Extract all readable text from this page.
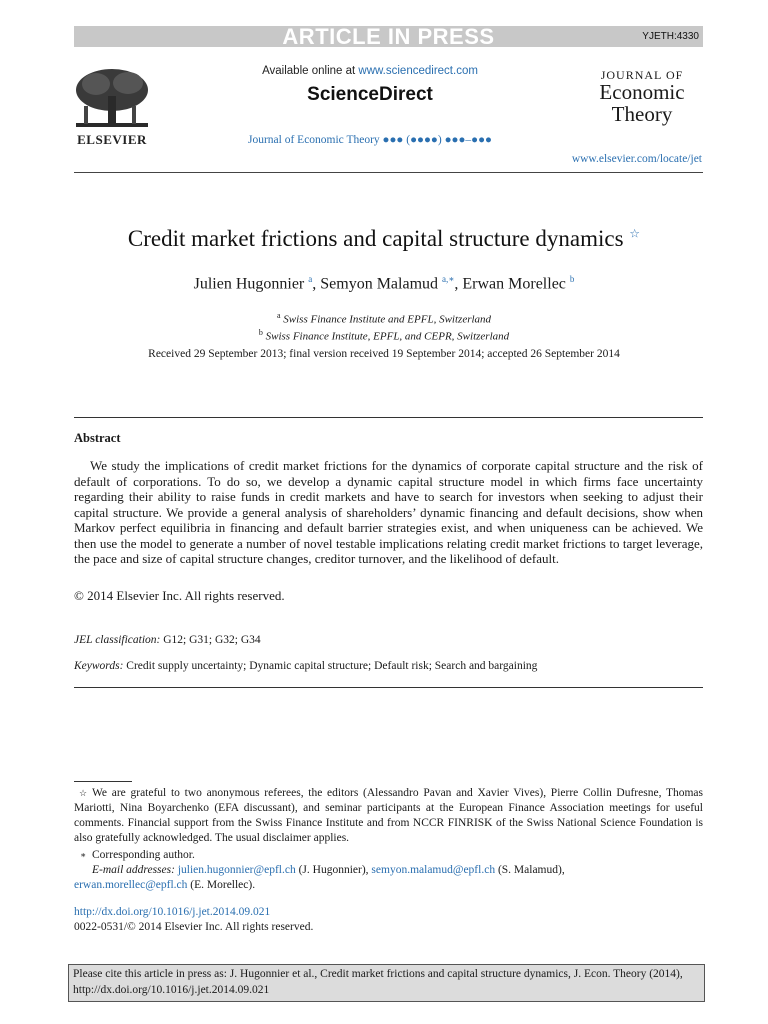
ARTICLE IN PRESS	YJETH:4330
ELSEVIER
Available online at www.sciencedirect.com
ScienceDirect
Journal of Economic Theory ●●● (●●●●) ●●●–●●●
JOURNAL OF
Economic
Theory
www.elsevier.com/locate/jet
Credit market frictions and capital structure dynamics ☆
Julien Hugonnier $^a$, Semyon Malamud $^{a,∗}$, Erwan Morellec $^b$
$^a$ Swiss Finance Institute and EPFL, Switzerland
$^b$ Swiss Finance Institute, EPFL, and CEPR, Switzerland
Received 29 September 2013; final version received 19 September 2014; accepted 26 September 2014
Abstract
We study the implications of credit market frictions for the dynamics of corporate capital structure and the risk of default of corporations. To do so, we develop a dynamic capital structure model in which firms face uncertainty regarding their ability to raise funds in credit markets and have to search for investors when seeking to adjust their capital structure. We provide a general analysis of shareholders’ dynamic financing and default decisions, show when Markov perfect equilibria in financing and default barrier strategies exist, and when uniqueness can be achieved. We then use the model to generate a number of novel testable implications relating credit market frictions to target leverage, the pace and size of capital structure changes, creditor turnover, and the likelihood of default.
© 2014 Elsevier Inc. All rights reserved.
JEL classification: G12; G31; G32; G34
Keywords: Credit supply uncertainty; Dynamic capital structure; Default risk; Search and bargaining
☆ We are grateful to two anonymous referees, the editors (Alessandro Pavan and Xavier Vives), Pierre Collin Dufresne, Thomas Mariotti, Nina Boyarchenko (EFA discussant), and seminar participants at the European Finance Association meetings for useful comments. Financial support from the Swiss Finance Institute and from NCCR FINRISK of the Swiss National Science Foundation is also gratefully acknowledged. The usual disclaimer applies.
∗ Corresponding author.
E-mail addresses: julien.hugonnier@epfl.ch (J. Hugonnier), semyon.malamud@epfl.ch (S. Malamud),
erwan.morellec@epfl.ch (E. Morellec).
http://dx.doi.org/10.1016/j.jet.2014.09.021
0022-0531/© 2014 Elsevier Inc. All rights reserved.
Please cite this article in press as: J. Hugonnier et al., Credit market frictions and capital structure dynamics, J. Econ. Theory (2014), http://dx.doi.org/10.1016/j.jet.2014.09.021
